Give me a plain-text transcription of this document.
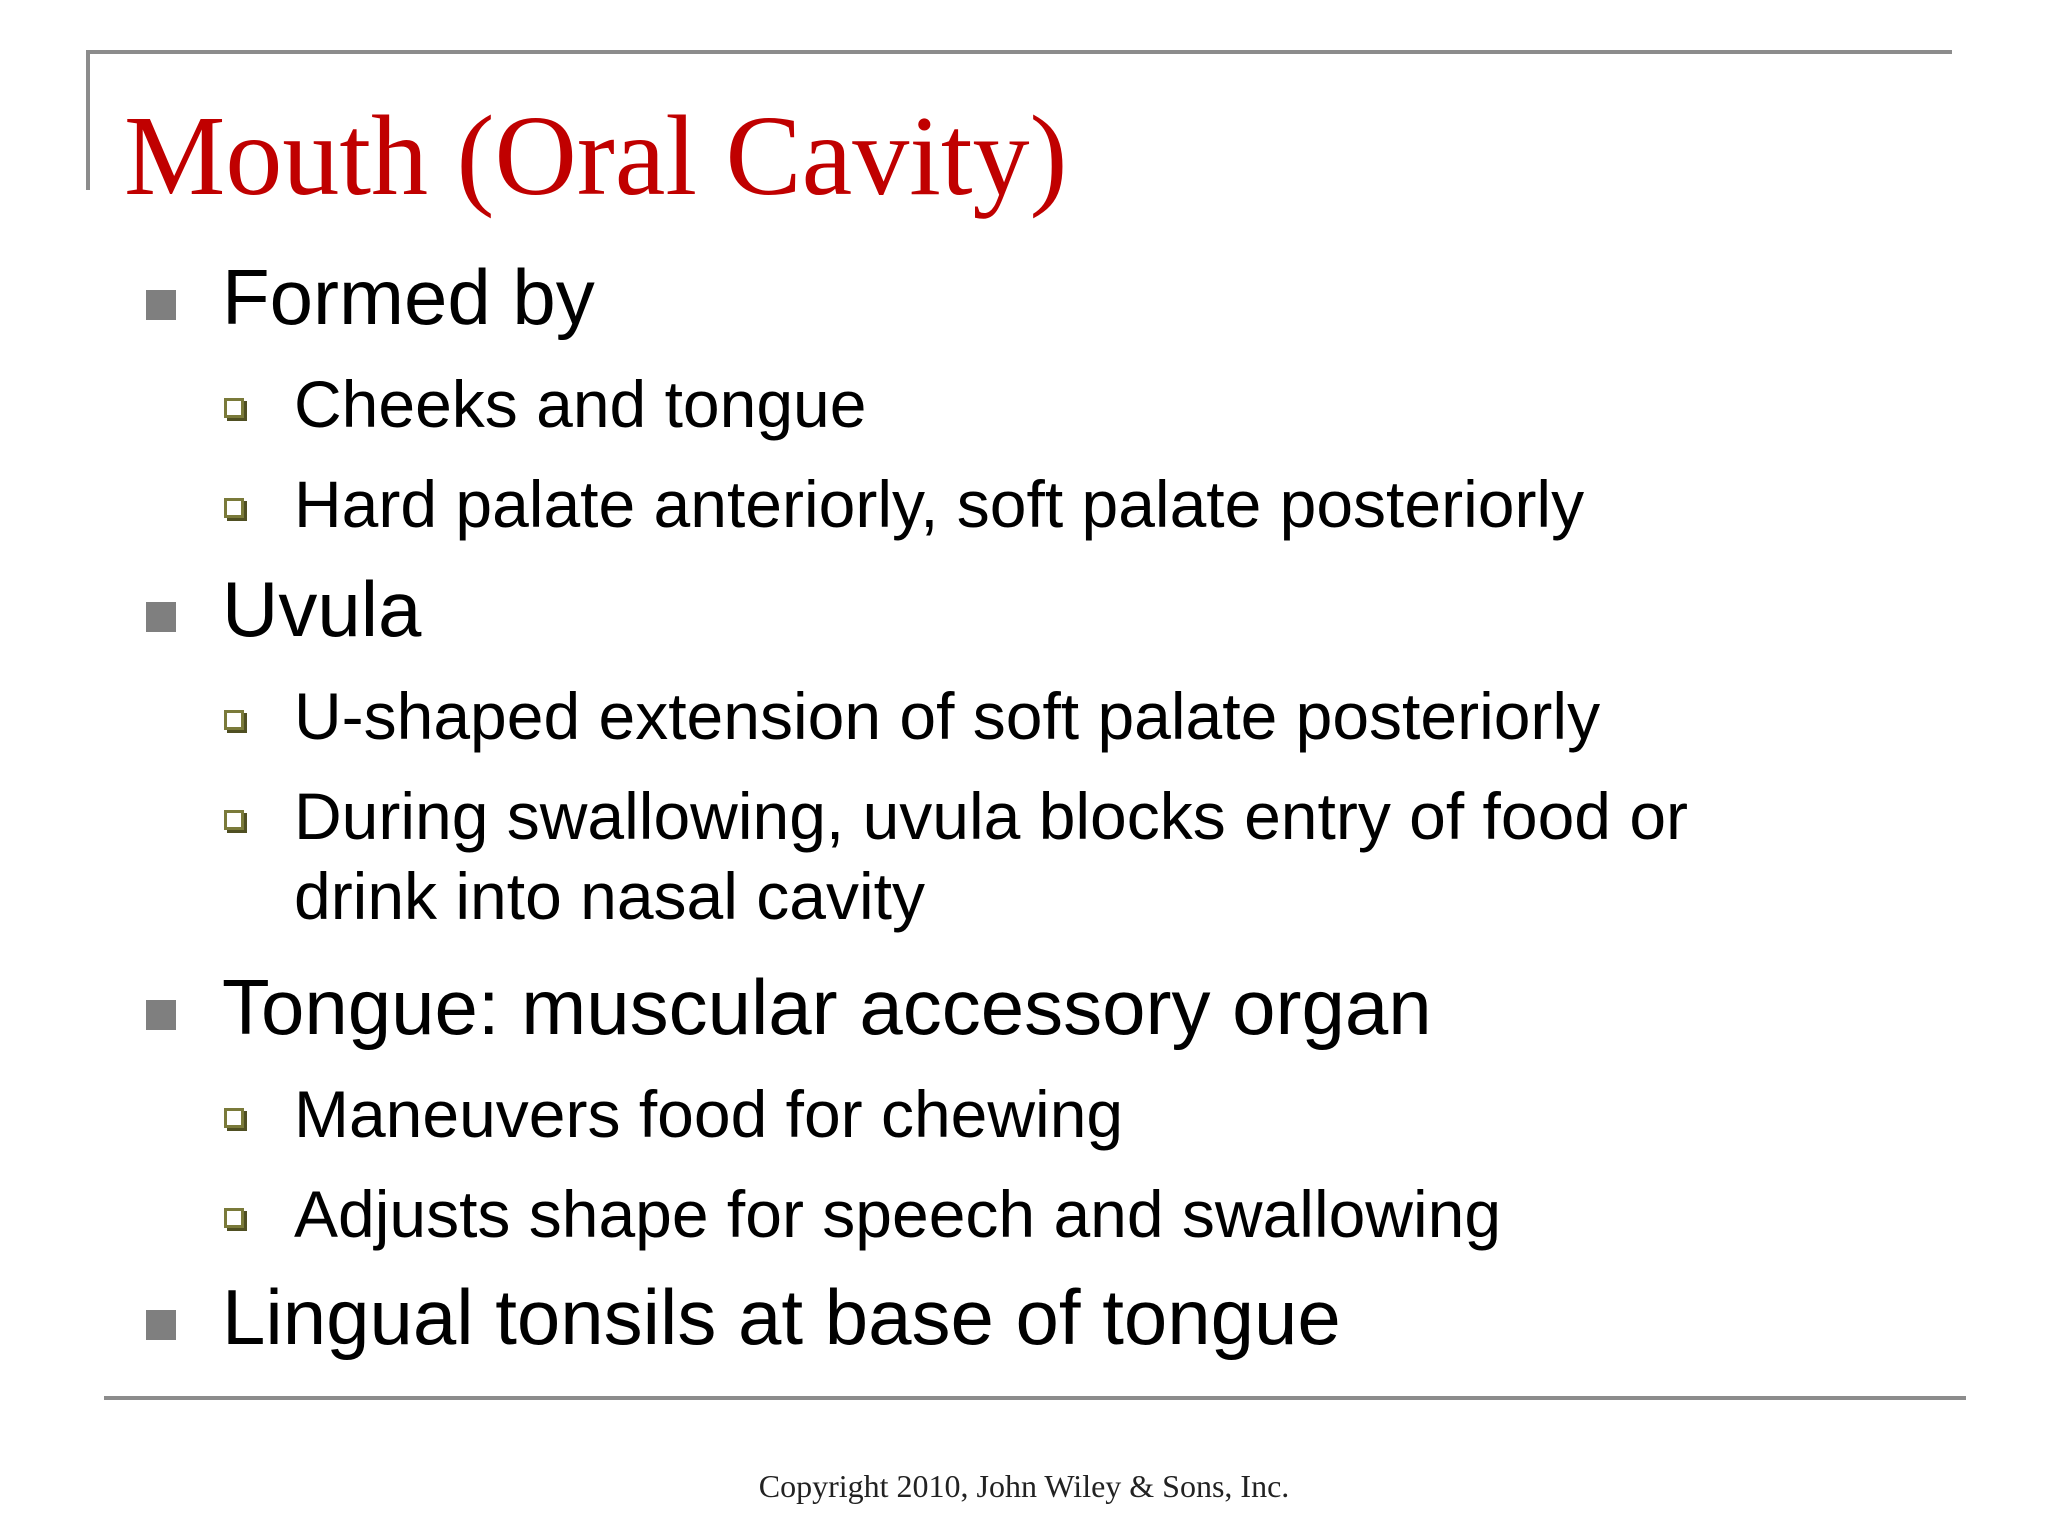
Mouth (Oral Cavity)
Formed by
Cheeks and tongue
Hard palate anteriorly, soft palate posteriorly
Uvula
U-shaped extension of soft palate posteriorly
During swallowing, uvula blocks entry of food or
drink into nasal cavity
Tongue: muscular accessory organ
Maneuvers food for chewing
Adjusts shape for speech and swallowing
Lingual tonsils at base of tongue
Copyright 2010, John Wiley & Sons, Inc.
